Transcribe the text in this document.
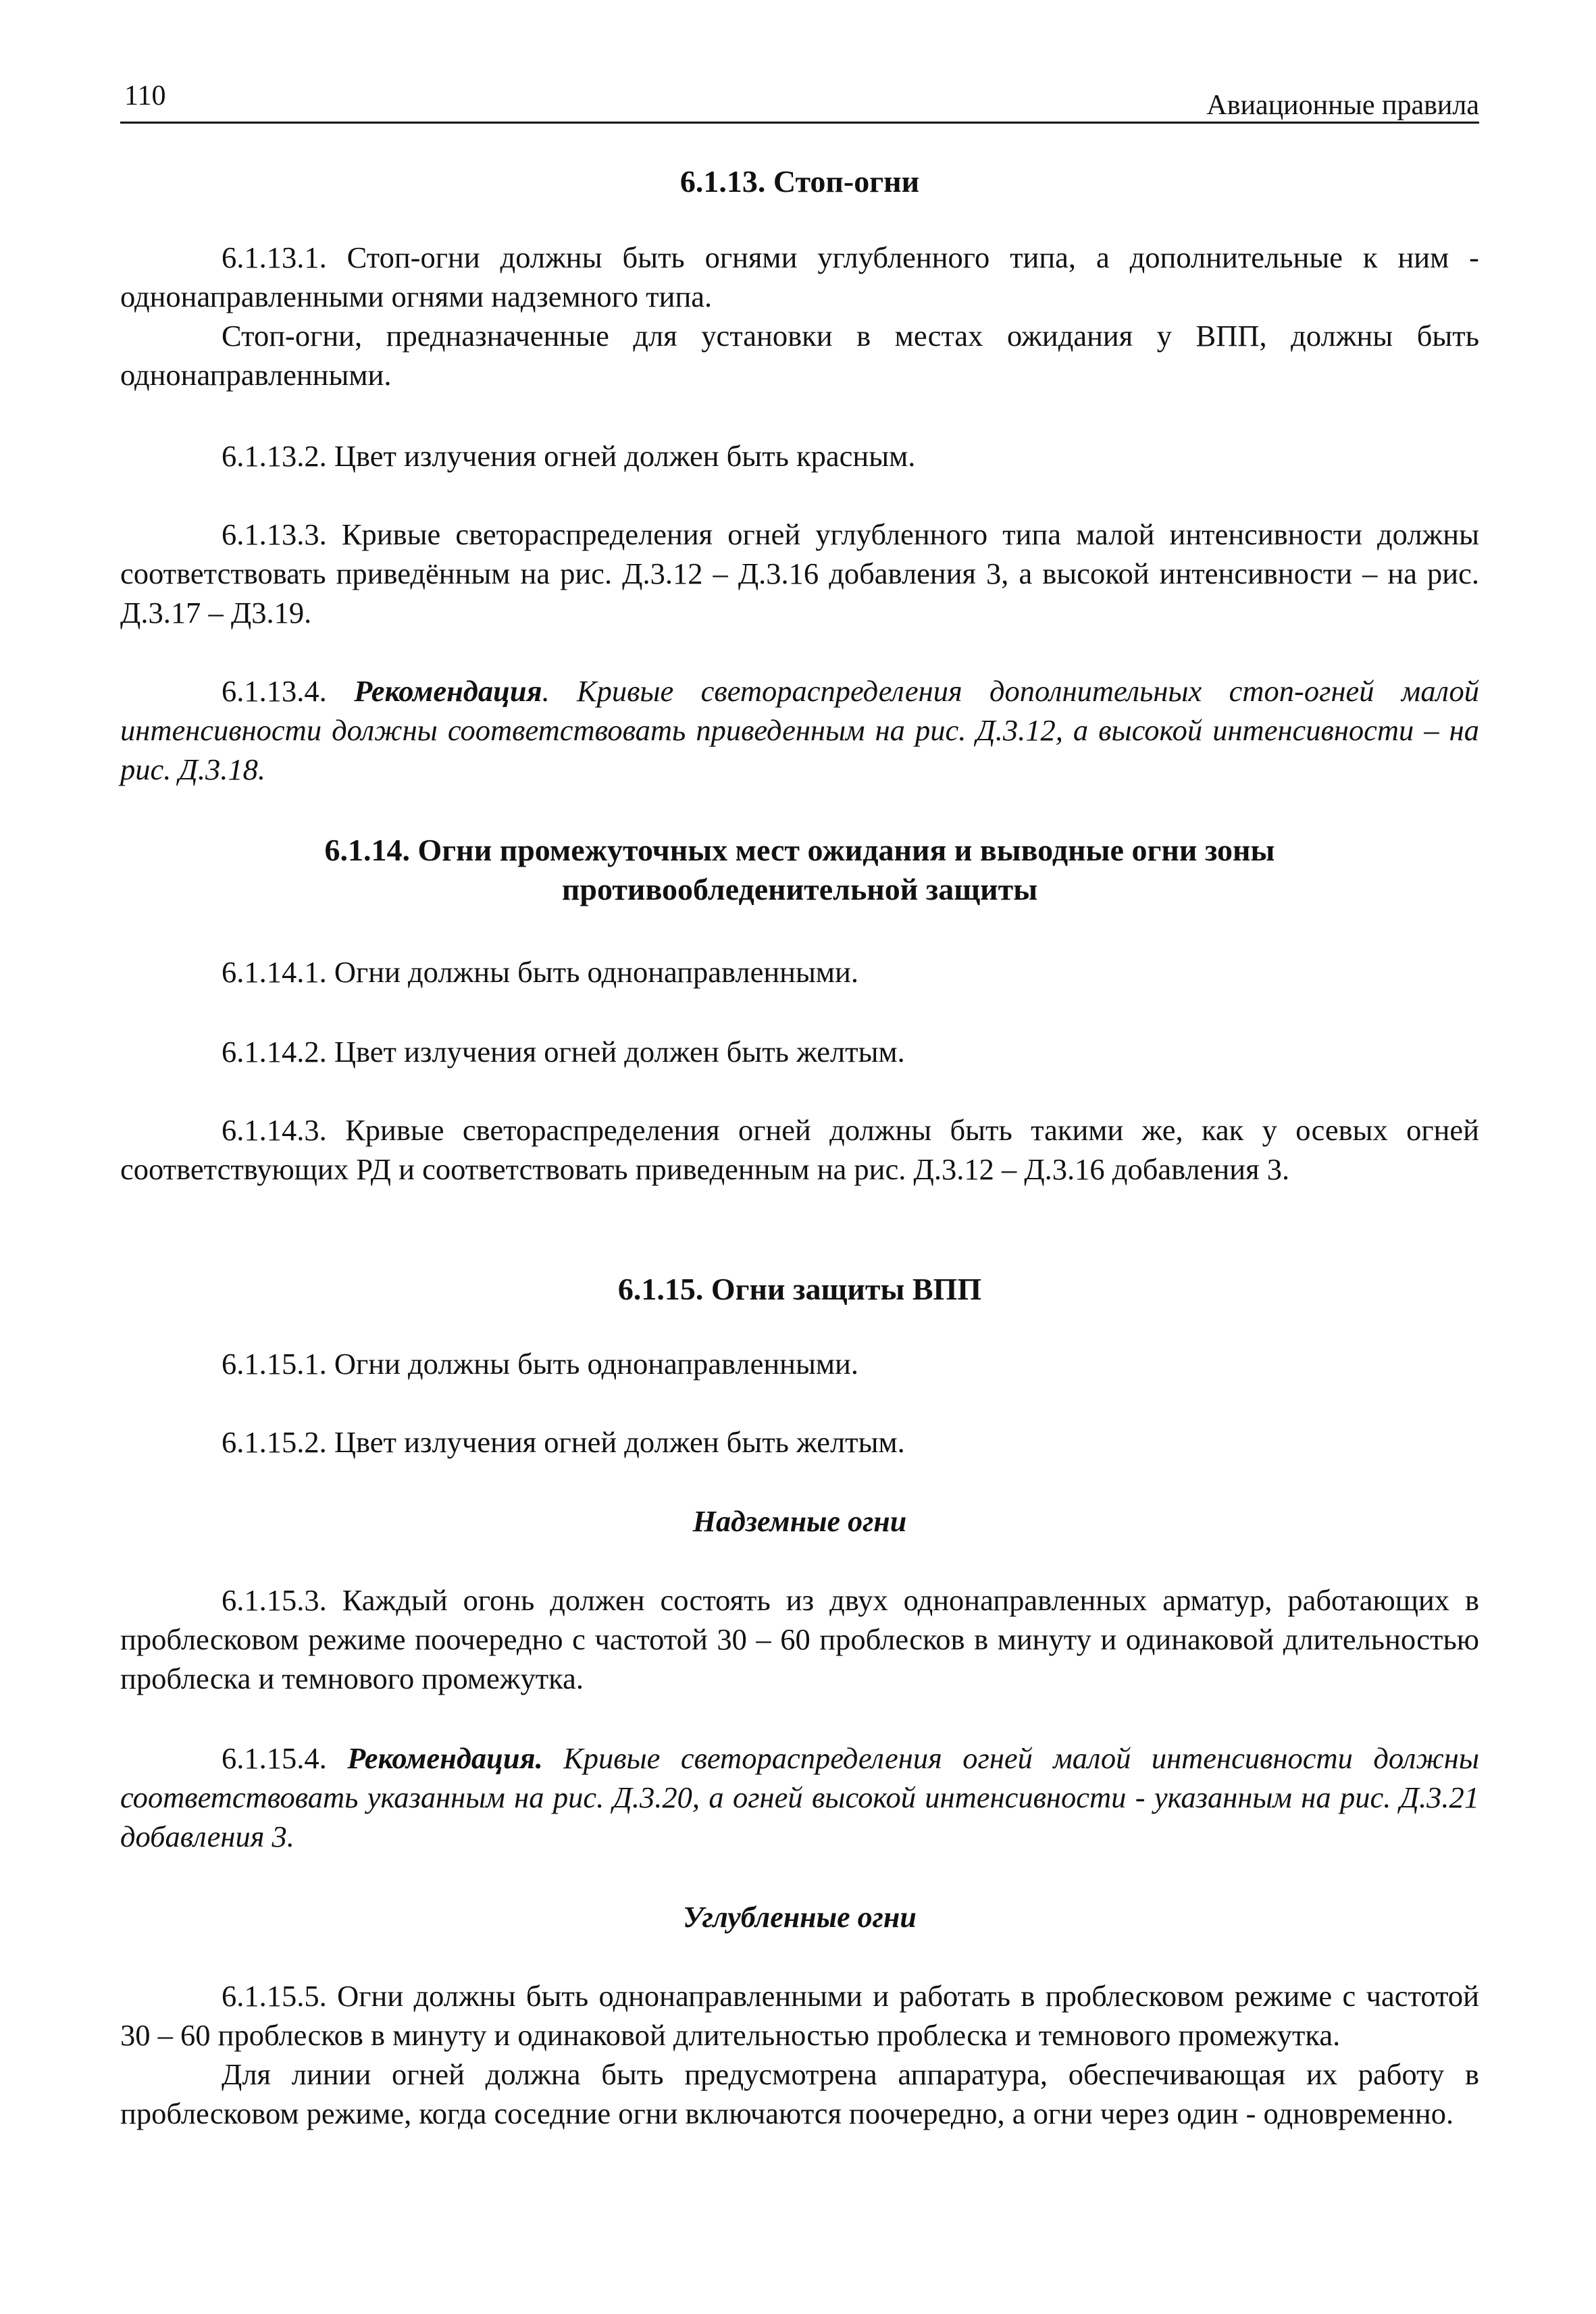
110	Авиационные правила
6.1.13. Стоп-огни

6.1.13.1. Стоп-огни должны быть огнями углубленного типа, а дополнительные к ним - однонаправленными огнями надземного типа.

Стоп-огни, предназначенные для установки в местах ожидания у ВПП, должны быть однонаправленными.

6.1.13.2. Цвет излучения огней должен быть красным.
6.1.13.3. Кривые светораспределения огней углубленного типа малой интенсивности должны соответствовать приведённым на рис. Д.3.12 – Д.3.16 добавления 3, а высокой интенсивности – на рис. Д.3.17 – Д3.19.
6.1.13.4. Рекомендация. Кривые светораспределения дополнительных стоп-огней малой интенсивности должны соответствовать приведенным на рис. Д.3.12, а высокой интенсивности – на рис. Д.3.18.
6.1.14. Огни промежуточных мест ожидания и выводные огни зоны
противообледенительной защиты
6.1.14.1. Огни должны быть однонаправленными.
6.1.14.2. Цвет излучения огней должен быть желтым.
6.1.14.3. Кривые светораспределения огней должны быть такими же, как у осевых огней соответствующих РД и соответствовать приведенным на рис. Д.3.12 – Д.3.16 добавления 3.
6.1.15. Огни защиты ВПП
6.1.15.1. Огни должны быть однонаправленными.
6.1.15.2. Цвет излучения огней должен быть желтым.
Надземные огни
6.1.15.3. Каждый огонь должен состоять из двух однонаправленных арматур, работающих в проблесковом режиме поочередно с частотой 30 – 60 проблесков в минуту и одинаковой длительностью проблеска и темнового промежутка.
6.1.15.4. Рекомендация. Кривые светораспределения огней малой интенсивности должны соответствовать указанным на рис. Д.3.20, а огней высокой интенсивности - указанным на рис. Д.3.21 добавления 3.
Углубленные огни

6.1.15.5. Огни должны быть однонаправленными и работать в проблесковом режиме с частотой 30 – 60 проблесков в минуту и одинаковой длительностью проблеска и темнового промежутка.

Для линии огней должна быть предусмотрена аппаратура, обеспечивающая их работу в проблесковом режиме, когда соседние огни включаются поочередно, а огни через один - одновременно.
